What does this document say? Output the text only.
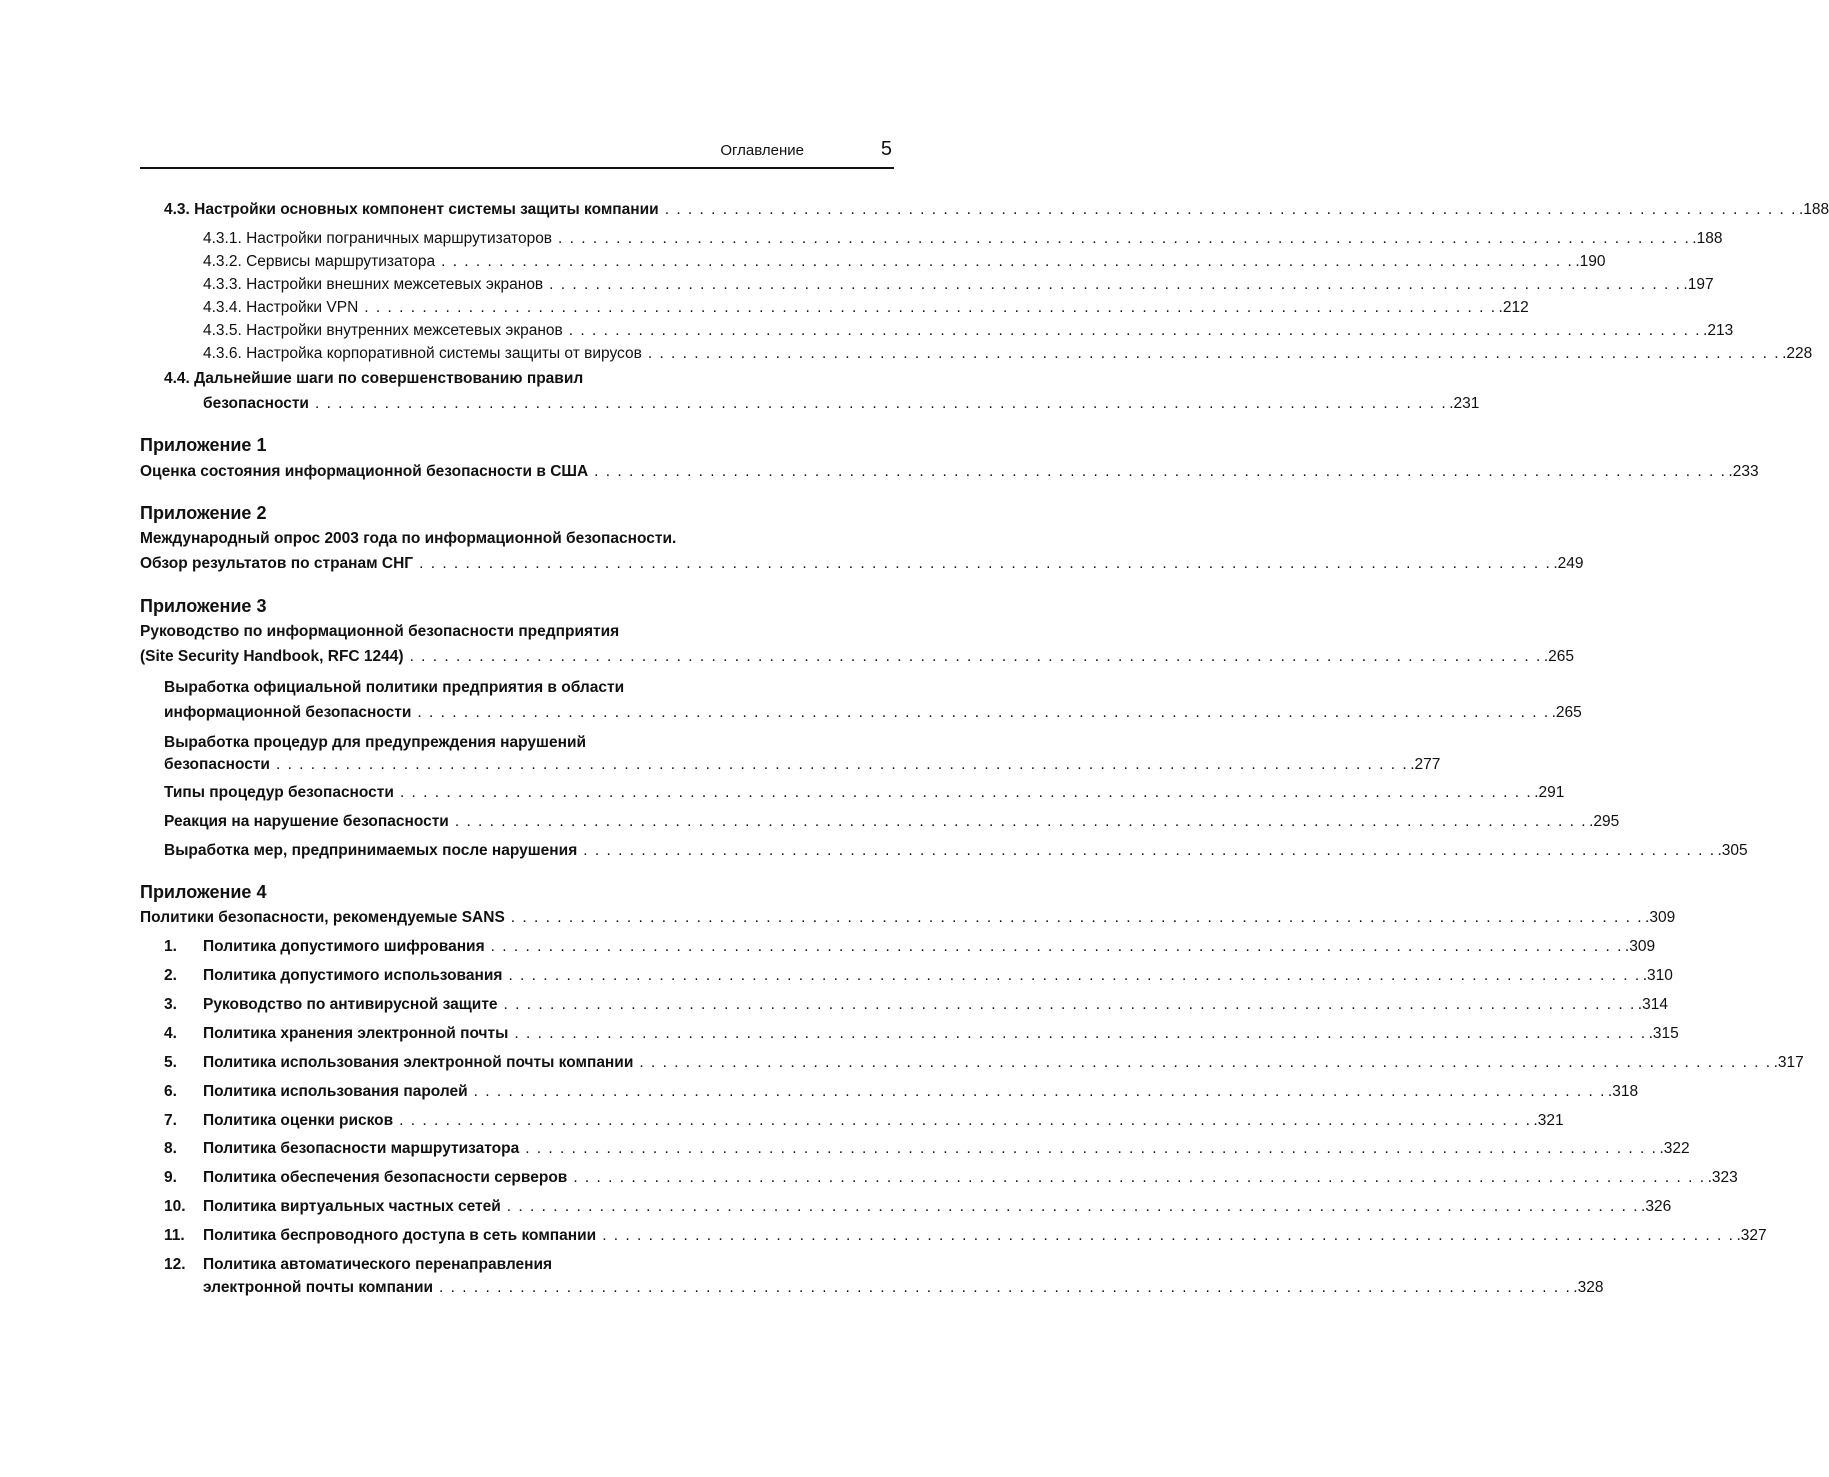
Оглавление	5
4.3. Настройки основных компонент системы защиты компании . . . . . . . . . . . . . . . . . . . . . . . . . . . . . . . . . . . . . . . . . . . . . . . . . . . . . . . . . . . . . . . . . . . . . . . . . . . . . . . . . . . . . . . . . . . . . . . . . . .188
4.3.1. Настройки пограничных маршрутизаторов . . . . . . . . . . . . . . . . . . . . . . . . . . . . . . . . . . . . . . . . . . . . . . . . . . . . . . . . . . . . . . . . . . . . . . . . . . . . . . . . . . . . . . . . . . . . . . . . . . .188
4.3.2. Сервисы маршрутизатора . . . . . . . . . . . . . . . . . . . . . . . . . . . . . . . . . . . . . . . . . . . . . . . . . . . . . . . . . . . . . . . . . . . . . . . . . . . . . . . . . . . . . . . . . . . . . . . . . . .190
4.3.3. Настройки внешних межсетевых экранов . . . . . . . . . . . . . . . . . . . . . . . . . . . . . . . . . . . . . . . . . . . . . . . . . . . . . . . . . . . . . . . . . . . . . . . . . . . . . . . . . . . . . . . . . . . . . . . . . . .197
4.3.4. Настройки VPN . . . . . . . . . . . . . . . . . . . . . . . . . . . . . . . . . . . . . . . . . . . . . . . . . . . . . . . . . . . . . . . . . . . . . . . . . . . . . . . . . . . . . . . . . . . . . . . . . . .212
4.3.5. Настройки внутренних межсетевых экранов . . . . . . . . . . . . . . . . . . . . . . . . . . . . . . . . . . . . . . . . . . . . . . . . . . . . . . . . . . . . . . . . . . . . . . . . . . . . . . . . . . . . . . . . . . . . . . . . . . .213
4.3.6. Настройка корпоративной системы защиты от вирусов . . . . . . . . . . . . . . . . . . . . . . . . . . . . . . . . . . . . . . . . . . . . . . . . . . . . . . . . . . . . . . . . . . . . . . . . . . . . . . . . . . . . . . . . . . . . . . . . . . .228
4.4. Дальнейшие шаги по совершенствованию правил
безопасности . . . . . . . . . . . . . . . . . . . . . . . . . . . . . . . . . . . . . . . . . . . . . . . . . . . . . . . . . . . . . . . . . . . . . . . . . . . . . . . . . . . . . . . . . . . . . . . . . . .231
Приложение 1
Оценка состояния информационной безопасности в США . . . . . . . . . . . . . . . . . . . . . . . . . . . . . . . . . . . . . . . . . . . . . . . . . . . . . . . . . . . . . . . . . . . . . . . . . . . . . . . . . . . . . . . . . . . . . . . . . . .233
Приложение 2
Международный опрос 2003 года по информационной безопасности.
Обзор результатов по странам СНГ . . . . . . . . . . . . . . . . . . . . . . . . . . . . . . . . . . . . . . . . . . . . . . . . . . . . . . . . . . . . . . . . . . . . . . . . . . . . . . . . . . . . . . . . . . . . . . . . . . .249
Приложение 3
Руководство по информационной безопасности предприятия
(Site Security Handbook, RFC 1244) . . . . . . . . . . . . . . . . . . . . . . . . . . . . . . . . . . . . . . . . . . . . . . . . . . . . . . . . . . . . . . . . . . . . . . . . . . . . . . . . . . . . . . . . . . . . . . . . . . .265
Выработка официальной политики предприятия в области
информационной безопасности . . . . . . . . . . . . . . . . . . . . . . . . . . . . . . . . . . . . . . . . . . . . . . . . . . . . . . . . . . . . . . . . . . . . . . . . . . . . . . . . . . . . . . . . . . . . . . . . . . .265
Выработка процедур для предупреждения нарушений
безопасности . . . . . . . . . . . . . . . . . . . . . . . . . . . . . . . . . . . . . . . . . . . . . . . . . . . . . . . . . . . . . . . . . . . . . . . . . . . . . . . . . . . . . . . . . . . . . . . . . . .277
Типы процедур безопасности . . . . . . . . . . . . . . . . . . . . . . . . . . . . . . . . . . . . . . . . . . . . . . . . . . . . . . . . . . . . . . . . . . . . . . . . . . . . . . . . . . . . . . . . . . . . . . . . . . .291
Реакция на нарушение безопасности . . . . . . . . . . . . . . . . . . . . . . . . . . . . . . . . . . . . . . . . . . . . . . . . . . . . . . . . . . . . . . . . . . . . . . . . . . . . . . . . . . . . . . . . . . . . . . . . . . .295
Выработка мер, предпринимаемых после нарушения . . . . . . . . . . . . . . . . . . . . . . . . . . . . . . . . . . . . . . . . . . . . . . . . . . . . . . . . . . . . . . . . . . . . . . . . . . . . . . . . . . . . . . . . . . . . . . . . . . .305
Приложение 4
Политики безопасности, рекомендуемые SANS . . . . . . . . . . . . . . . . . . . . . . . . . . . . . . . . . . . . . . . . . . . . . . . . . . . . . . . . . . . . . . . . . . . . . . . . . . . . . . . . . . . . . . . . . . . . . . . . . . .309
1.	Политика допустимого шифрования . . . . . . . . . . . . . . . . . . . . . . . . . . . . . . . . . . . . . . . . . . . . . . . . . . . . . . . . . . . . . . . . . . . . . . . . . . . . . . . . . . . . . . . . . . . . . . . . . . .309
2.	Политика допустимого использования . . . . . . . . . . . . . . . . . . . . . . . . . . . . . . . . . . . . . . . . . . . . . . . . . . . . . . . . . . . . . . . . . . . . . . . . . . . . . . . . . . . . . . . . . . . . . . . . . . .310
3.	Руководство по антивирусной защите . . . . . . . . . . . . . . . . . . . . . . . . . . . . . . . . . . . . . . . . . . . . . . . . . . . . . . . . . . . . . . . . . . . . . . . . . . . . . . . . . . . . . . . . . . . . . . . . . . .314
4.	Политика хранения электронной почты . . . . . . . . . . . . . . . . . . . . . . . . . . . . . . . . . . . . . . . . . . . . . . . . . . . . . . . . . . . . . . . . . . . . . . . . . . . . . . . . . . . . . . . . . . . . . . . . . . .315
5.	Политика использования электронной почты компании . . . . . . . . . . . . . . . . . . . . . . . . . . . . . . . . . . . . . . . . . . . . . . . . . . . . . . . . . . . . . . . . . . . . . . . . . . . . . . . . . . . . . . . . . . . . . . . . . . .317
6.	Политика использования паролей . . . . . . . . . . . . . . . . . . . . . . . . . . . . . . . . . . . . . . . . . . . . . . . . . . . . . . . . . . . . . . . . . . . . . . . . . . . . . . . . . . . . . . . . . . . . . . . . . . .318
7.	Политика оценки рисков . . . . . . . . . . . . . . . . . . . . . . . . . . . . . . . . . . . . . . . . . . . . . . . . . . . . . . . . . . . . . . . . . . . . . . . . . . . . . . . . . . . . . . . . . . . . . . . . . . .321
8.	Политика безопасности маршрутизатора . . . . . . . . . . . . . . . . . . . . . . . . . . . . . . . . . . . . . . . . . . . . . . . . . . . . . . . . . . . . . . . . . . . . . . . . . . . . . . . . . . . . . . . . . . . . . . . . . . .322
9.	Политика обеспечения безопасности серверов . . . . . . . . . . . . . . . . . . . . . . . . . . . . . . . . . . . . . . . . . . . . . . . . . . . . . . . . . . . . . . . . . . . . . . . . . . . . . . . . . . . . . . . . . . . . . . . . . . .323
10.	Политика виртуальных частных сетей . . . . . . . . . . . . . . . . . . . . . . . . . . . . . . . . . . . . . . . . . . . . . . . . . . . . . . . . . . . . . . . . . . . . . . . . . . . . . . . . . . . . . . . . . . . . . . . . . . .326
11.	Политика беспроводного доступа в сеть компании . . . . . . . . . . . . . . . . . . . . . . . . . . . . . . . . . . . . . . . . . . . . . . . . . . . . . . . . . . . . . . . . . . . . . . . . . . . . . . . . . . . . . . . . . . . . . . . . . . .327
12.	Политика автоматического перенаправления
электронной почты компании . . . . . . . . . . . . . . . . . . . . . . . . . . . . . . . . . . . . . . . . . . . . . . . . . . . . . . . . . . . . . . . . . . . . . . . . . . . . . . . . . . . . . . . . . . . . . . . . . . .328
